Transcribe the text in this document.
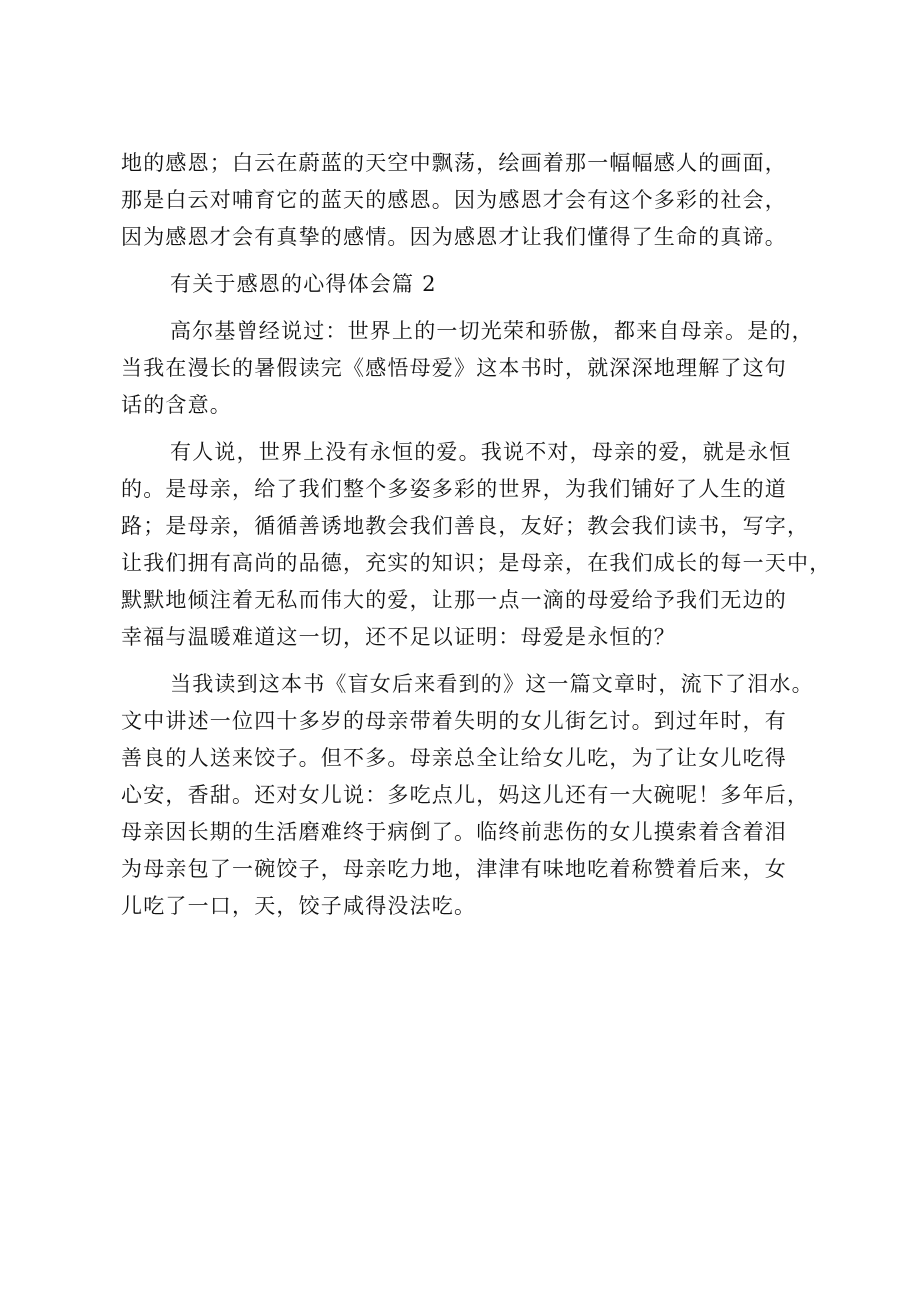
地的感恩；白云在蔚蓝的天空中飘荡，绘画着那一幅幅感人的画面，
那是白云对哺育它的蓝天的感恩。因为感恩才会有这个多彩的社会，
因为感恩才会有真挚的感情。因为感恩才让我们懂得了生命的真谛。
有关于感恩的心得体会篇 2
高尔基曾经说过：世界上的一切光荣和骄傲，都来自母亲。是的，
当我在漫长的暑假读完《感悟母爱》这本书时，就深深地理解了这句
话的含意。
有人说，世界上没有永恒的爱。我说不对，母亲的爱，就是永恒
的。是母亲，给了我们整个多姿多彩的世界，为我们铺好了人生的道
路；是母亲，循循善诱地教会我们善良，友好；教会我们读书，写字，
让我们拥有高尚的品德，充实的知识；是母亲，在我们成长的每一天中，
默默地倾注着无私而伟大的爱，让那一点一滴的母爱给予我们无边的
幸福与温暖难道这一切，还不足以证明：母爱是永恒的？
当我读到这本书《盲女后来看到的》这一篇文章时，流下了泪水。
文中讲述一位四十多岁的母亲带着失明的女儿街乞讨。到过年时，有
善良的人送来饺子。但不多。母亲总全让给女儿吃，为了让女儿吃得
心安，香甜。还对女儿说：多吃点儿，妈这儿还有一大碗呢！多年后，
母亲因长期的生活磨难终于病倒了。临终前悲伤的女儿摸索着含着泪
为母亲包了一碗饺子，母亲吃力地，津津有味地吃着称赞着后来，女
儿吃了一口，天，饺子咸得没法吃。
